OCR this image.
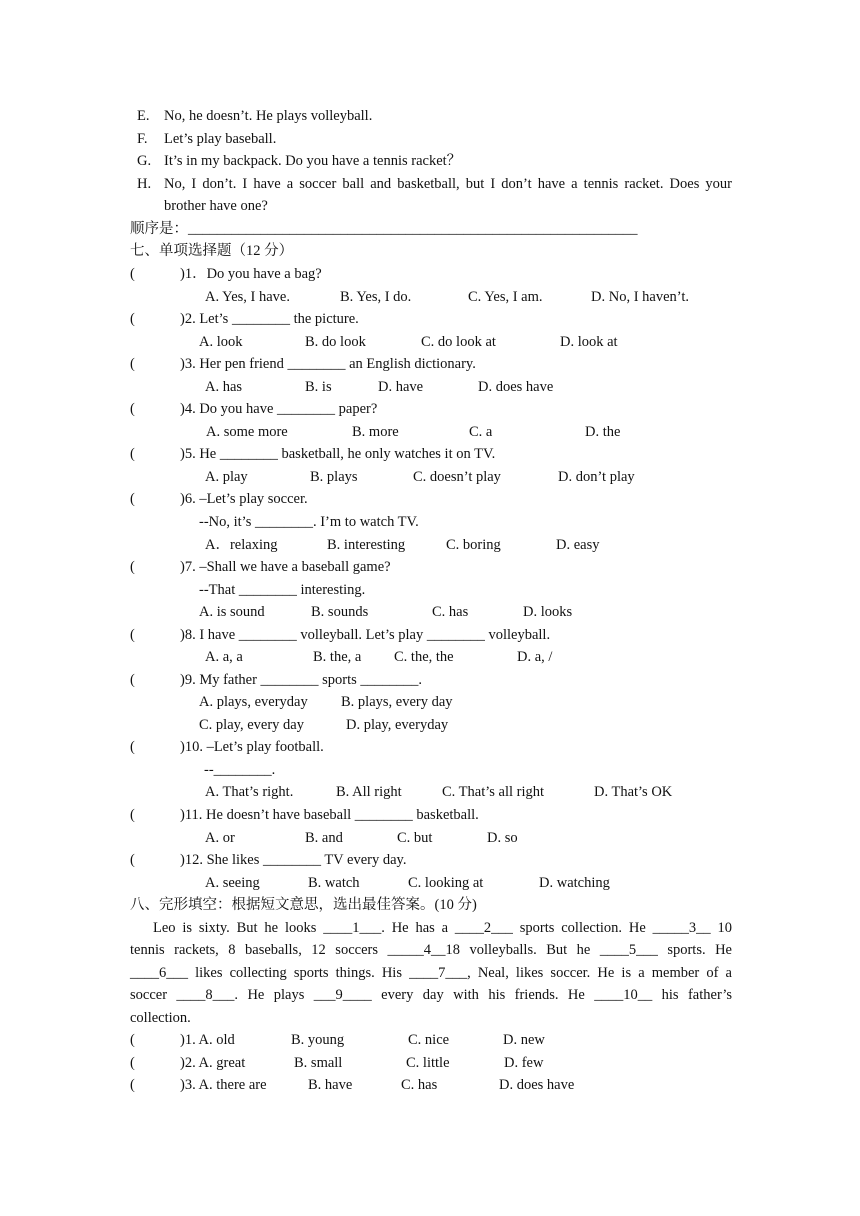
E. No, he doesn’t. He plays volleyball.
F. Let’s play baseball.
G. It’s in my backpack. Do you have a tennis racket？
H. No, I don’t. I have a soccer ball and basketball, but I don’t have a tennis racket. Does your
brother have one?
顺序是：______________________________________________________________
七、单项选择题（12 分）
(	)1．Do you have a bag?
A. Yes, I have.	B. Yes, I do.	C. Yes, I am.	D. No, I haven’t.
(	)2. Let’s ________ the picture.
A. look	B. do look	C. do look at	D. look at
(	)3. Her pen friend ________ an English dictionary.
A. has	B. is	D. have	D. does have
(	)4. Do you have ________ paper?
A. some more	B. more	C. a	D. the
(	)5. He ________ basketball, he only watches it on TV.
A. play	B. plays	C. doesn’t play	D. don’t play
(	)6. –Let’s play soccer.
--No, it’s ________. I’m to watch TV.
A．relaxing	B. interesting	C. boring	D. easy
(	)7. –Shall we have a baseball game?
--That ________ interesting.
A. is sound	B. sounds	C. has	D. looks
(	)8. I have ________ volleyball. Let’s play ________ volleyball.
A. a, a	B. the, a C. the, the	D. a, /
(	)9. My father ________ sports ________.
A. plays, everyday B. plays, every day
C. play, every day	D. play, everyday
(	)10. –Let’s play football.
--________.
A. That’s right.	B. All right	C. That’s all right	D. That’s OK
(	)11. He doesn’t have baseball ________ basketball.
A. or	B. and	C. but	D. so
(	)12. She likes ________ TV every day.
A. seeing	B. watch	C. looking at	D. watching
八、完形填空：根据短文意思，选出最佳答案。(10 分)
Leo is sixty. But he looks ____1___. He has a ____2___ sports collection. He _____3__ 10
tennis rackets, 8 baseballs, 12 soccers _____4__18 volleyballs. But he ____5___ sports. He
____6___ likes collecting sports things. His ____7___, Neal, likes soccer. He is a member of a
soccer ____8___. He plays ___9____ every day with his friends. He ____10__ his father’s
collection.
(	)1. A. old	B. young	C. nice	D. new
(	)2. A. great	B. small	C. little	D. few
(	)3. A. there are	B. have	C. has	D. does have
